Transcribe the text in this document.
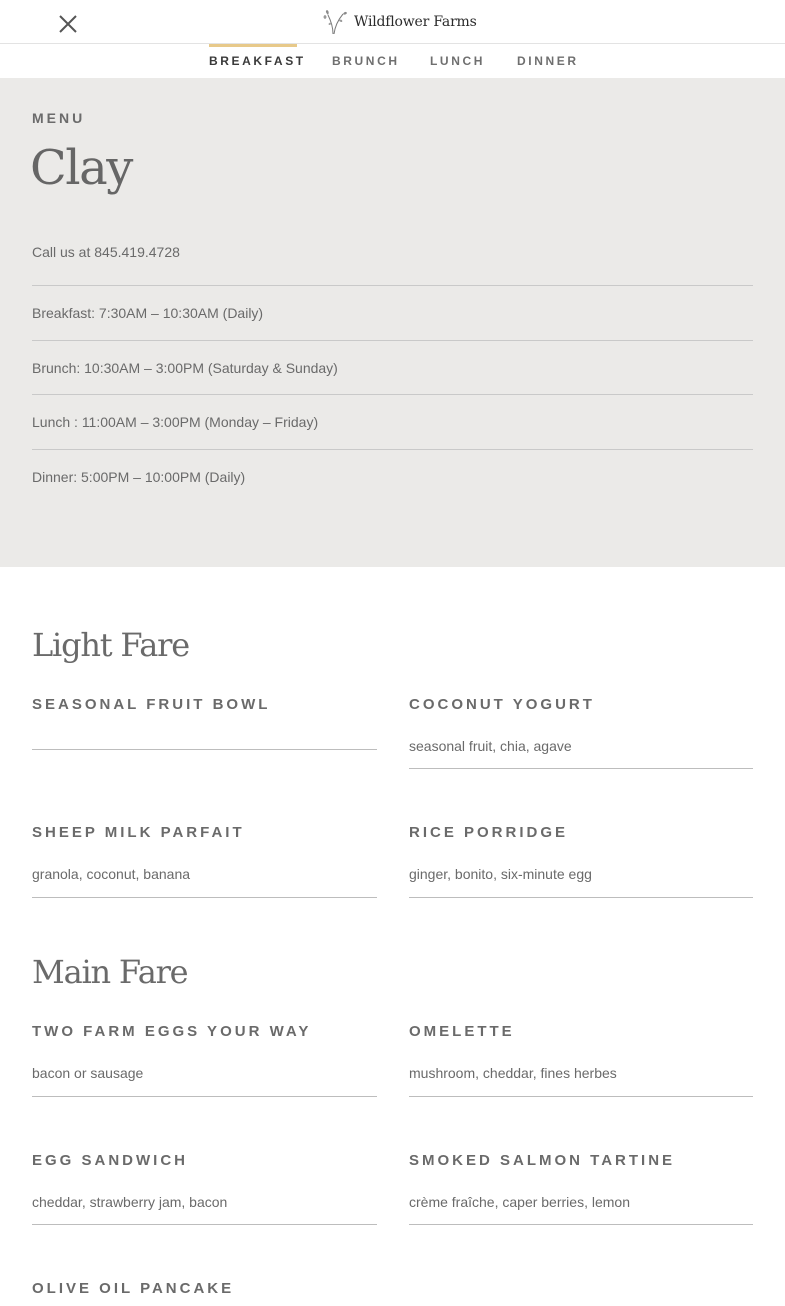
Wildflower Farms
BREAKFAST BRUNCH	LUNCH	DINNER
MENU
Clay
Call us at 845.419.4728
Breakfast: 7:30AM – 10:30AM (Daily)
Brunch: 10:30AM – 3:00PM (Saturday & Sunday)
Lunch : 11:00AM – 3:00PM (Monday – Friday)
Dinner: 5:00PM – 10:00PM (Daily)
Light Fare
SEASONAL FRUIT BOWL	COCONUT YOGURT
seasonal fruit, chia, agave
SHEEP MILK PARFAIT
granola, coconut, banana
RICE PORRIDGE
ginger, bonito, six-minute egg
Main Fare
TWO FARM EGGS YOUR WAY
bacon or sausage
OMELETTE
mushroom, cheddar, fines herbes
EGG SANDWICH
cheddar, strawberry jam, bacon
SMOKED SALMON TARTINE
crème fraîche, caper berries, lemon
OLIVE OIL PANCAKE
